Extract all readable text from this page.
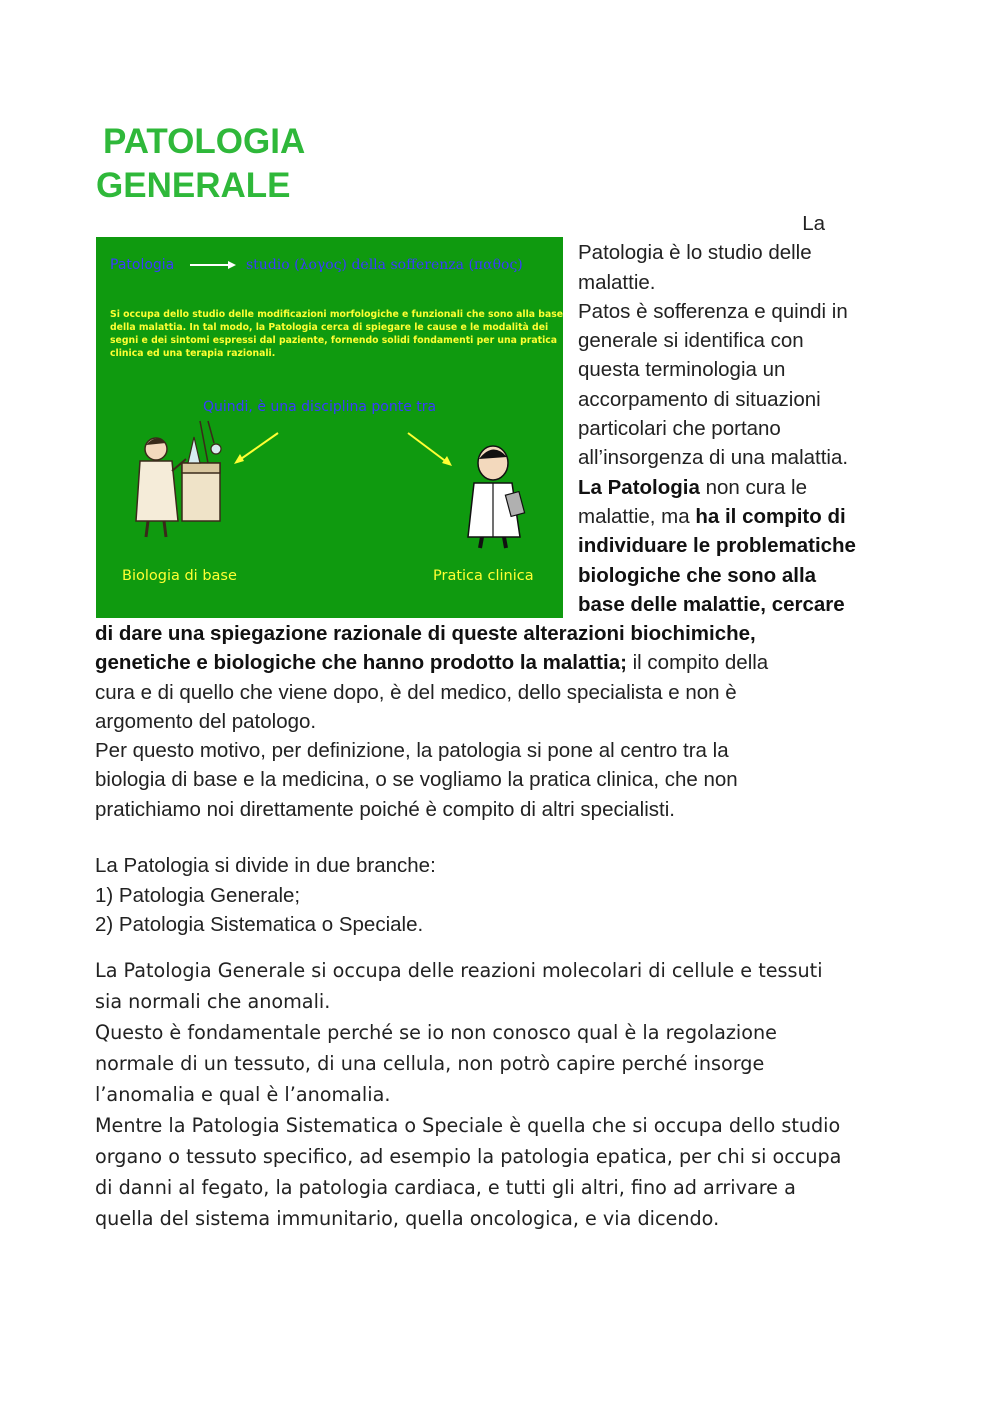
PATOLOGIA
GENERALE
Patologia	studio (λογος) della sofferenza (παθος)
Si occupa dello studio delle modificazioni morfologiche e funzionali che sono alla base
della malattia. In tal modo, la Patologia cerca di spiegare le cause e le modalità dei
segni e dei sintomi espressi dal paziente, fornendo solidi fondamenti per una pratica
clinica ed una terapia razionali.
Quindi, è una disciplina ponte tra
Biologia di base	Pratica clinica

La

Patologia è lo studio delle

malattie.

Patos è sofferenza e quindi in

generale si identifica con

questa terminologia un

accorpamento di situazioni

particolari che portano

all’insorgenza di una malattia.

La Patologia non cura le

malattie, ma ha il compito di

individuare le problematiche

biologiche che sono alla

base delle malattie, cercare

di dare una spiegazione razionale di queste alterazioni biochimiche,

genetiche e biologiche che hanno prodotto la malattia; il compito della

cura e di quello che viene dopo, è del medico, dello specialista e non è

argomento del patologo.

Per questo motivo, per definizione, la patologia si pone al centro tra la

biologia di base e la medicina, o se vogliamo la pratica clinica, che non

pratichiamo noi direttamente poiché è compito di altri specialisti.

La Patologia si divide in due branche:

1) Patologia Generale;

2) Patologia Sistematica o Speciale.

La Patologia Generale si occupa delle reazioni molecolari di cellule e tessuti

sia normali che anomali.

Questo è fondamentale perché se io non conosco qual è la regolazione

normale di un tessuto, di una cellula, non potrò capire perché insorge

l’anomalia e qual è l’anomalia.

Mentre la Patologia Sistematica o Speciale è quella che si occupa dello studio

organo o tessuto specifico, ad esempio la patologia epatica, per chi si occupa

di danni al fegato, la patologia cardiaca, e tutti gli altri, fino ad arrivare a

quella del sistema immunitario, quella oncologica, e via dicendo.
